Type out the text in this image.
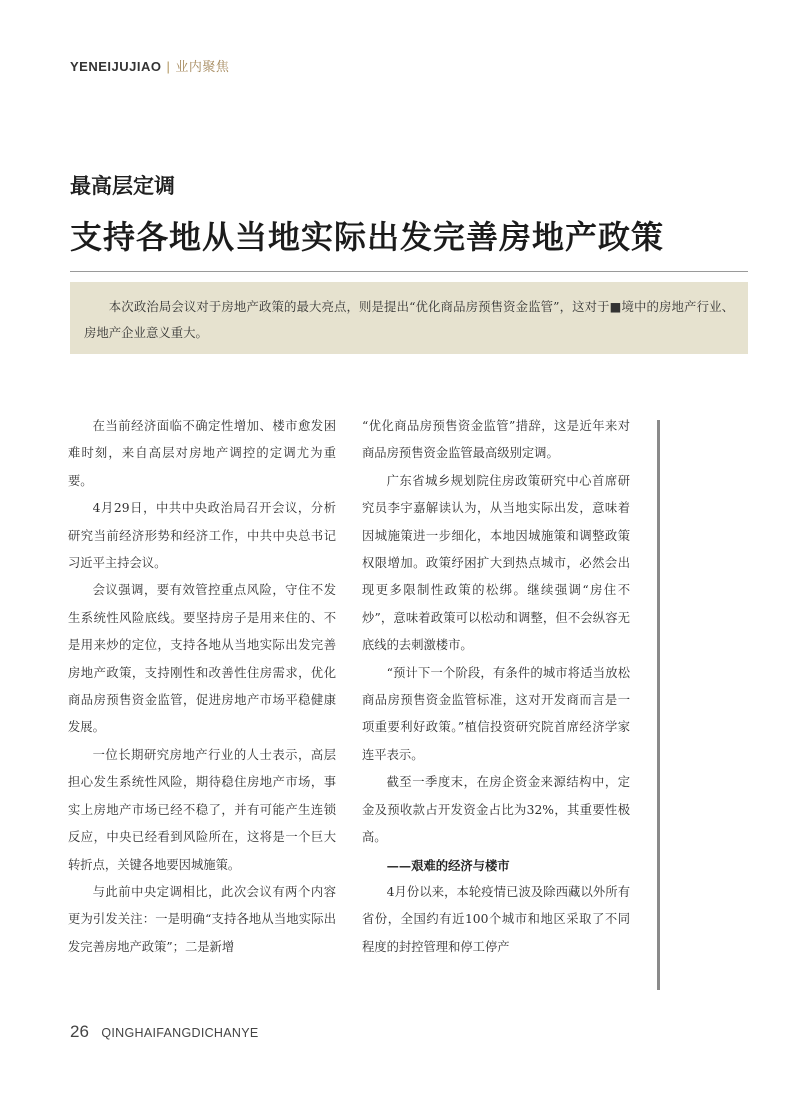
YENEIJUJIAO | 业内聚焦
最高层定调
支持各地从当地实际出发完善房地产政策
本次政治局会议对于房地产政策的最大亮点，则是提出“优化商品房预售资金监管”，这对于■境中的房地产行业、房地产企业意义重大。

在当前经济面临不确定性增加、楼市愈发困难时刻，来自高层对房地产调控的定调尤为重要。

4月29日，中共中央政治局召开会议，分析研究当前经济形势和经济工作，中共中央总书记习近平主持会议。

会议强调，要有效管控重点风险，守住不发生系统性风险底线。要坚持房子是用来住的、不是用来炒的定位，支持各地从当地实际出发完善房地产政策，支持刚性和改善性住房需求，优化商品房预售资金监管，促进房地产市场平稳健康发展。

一位长期研究房地产行业的人士表示，高层担心发生系统性风险，期待稳住房地产市场，事实上房地产市场已经不稳了，并有可能产生连锁反应，中央已经看到风险所在，这将是一个巨大转折点，关键各地要因城施策。

与此前中央定调相比，此次会议有两个内容更为引发关注：一是明确“支持各地从当地实际出发完善房地产政策”；二是新增

“优化商品房预售资金监管”措辞，这是近年来对商品房预售资金监管最高级别定调。

广东省城乡规划院住房政策研究中心首席研究员李宇嘉解读认为，从当地实际出发，意味着因城施策进一步细化，本地因城施策和调整政策权限增加。政策纾困扩大到热点城市，必然会出现更多限制性政策的松绑。继续强调“房住不炒”，意味着政策可以松动和调整，但不会纵容无底线的去刺激楼市。

“预计下一个阶段，有条件的城市将适当放松商品房预售资金监管标准，这对开发商而言是一项重要利好政策。”植信投资研究院首席经济学家连平表示。

截至一季度末，在房企资金来源结构中，定金及预收款占开发资金占比为32%，其重要性极高。

——艰难的经济与楼市

4月份以来，本轮疫情已波及除西藏以外所有省份，全国约有近100个城市和地区采取了不同程度的封控管理和停工停产

26 QINGHAIFANGDICHANYE
